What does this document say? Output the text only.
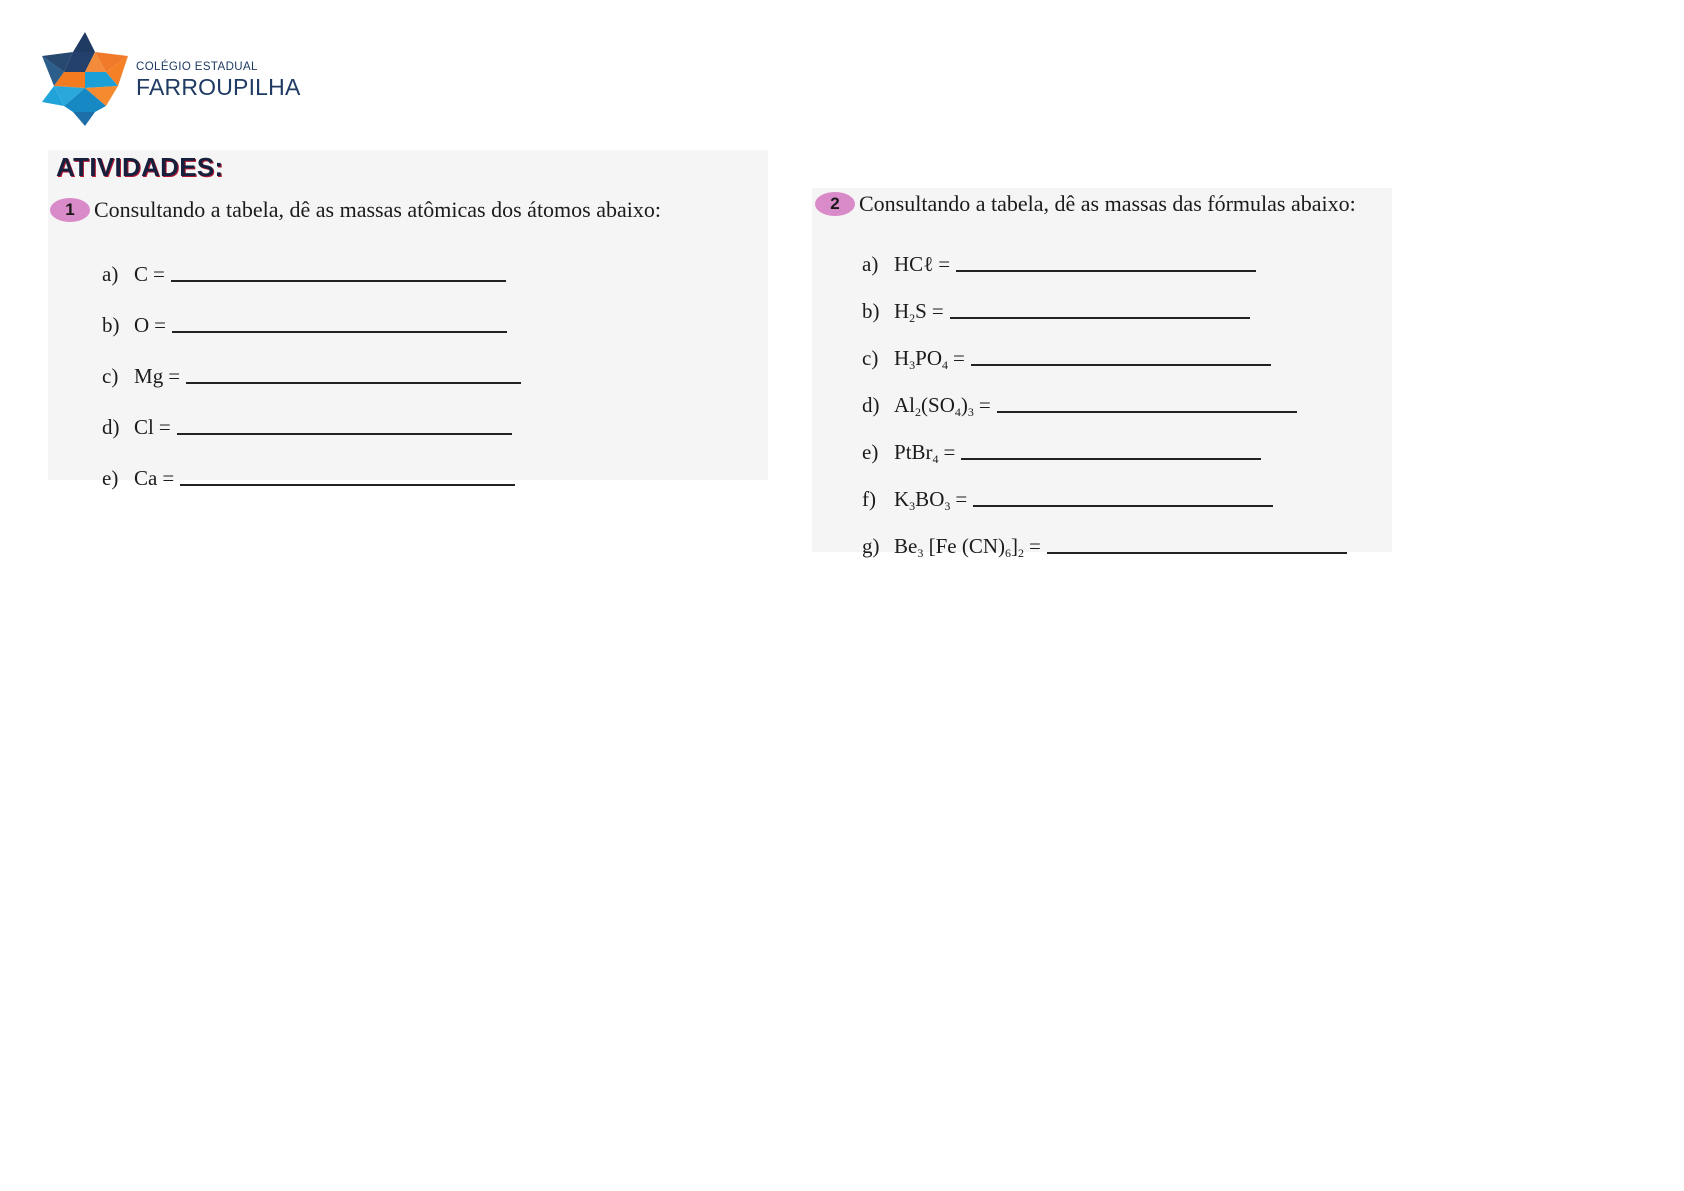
COLÉGIO ESTADUAL
FARROUPILHA
ATIVIDADES:
1 Consultando a tabela, dê as massas atômicas dos átomos abaixo:
a) C =
b) O =
c) Mg =
d) Cl =
e) Ca =
2 Consultando a tabela, dê as massas das fórmulas abaixo:
a) HCℓ =
b) $H_2S$ =
c) $H_3PO_4$ =
d) $Al_2(SO_4)_3$ =
e) PtBr$_4$ =
f) $K_3BO_3$ =
g) $Be_3$ [Fe $(CN)_6]_2$ =
